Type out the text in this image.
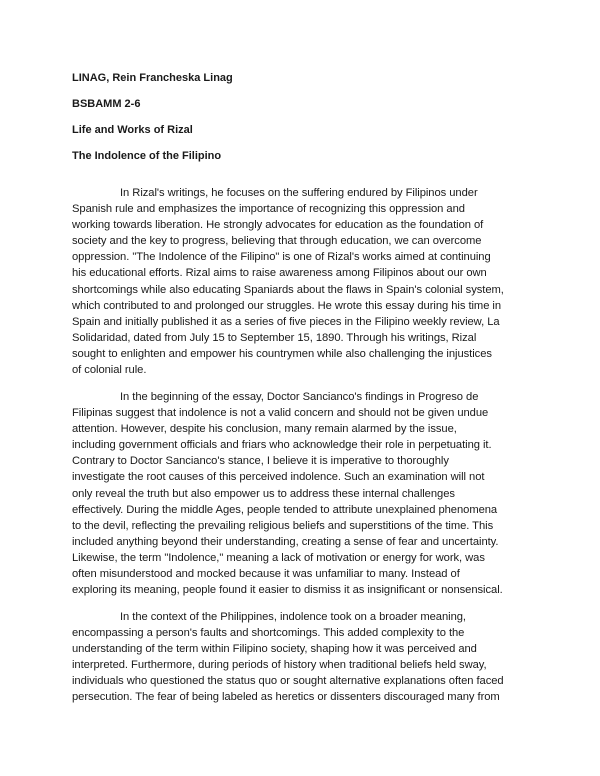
LINAG, Rein Francheska Linag
BSBAMM 2-6
Life and Works of Rizal
The Indolence of the Filipino
In Rizal's writings, he focuses on the suffering endured by Filipinos under
Spanish rule and emphasizes the importance of recognizing this oppression and
working towards liberation. He strongly advocates for education as the foundation of
society and the key to progress, believing that through education, we can overcome
oppression. "The Indolence of the Filipino" is one of Rizal's works aimed at continuing
his educational efforts. Rizal aims to raise awareness among Filipinos about our own
shortcomings while also educating Spaniards about the flaws in Spain's colonial system,
which contributed to and prolonged our struggles. He wrote this essay during his time in
Spain and initially published it as a series of five pieces in the Filipino weekly review, La
Solidaridad, dated from July 15 to September 15, 1890. Through his writings, Rizal
sought to enlighten and empower his countrymen while also challenging the injustices
of colonial rule.
In the beginning of the essay, Doctor Sancianco's findings in Progreso de
Filipinas suggest that indolence is not a valid concern and should not be given undue
attention. However, despite his conclusion, many remain alarmed by the issue,
including government officials and friars who acknowledge their role in perpetuating it.
Contrary to Doctor Sancianco's stance, I believe it is imperative to thoroughly
investigate the root causes of this perceived indolence. Such an examination will not
only reveal the truth but also empower us to address these internal challenges
effectively. During the middle Ages, people tended to attribute unexplained phenomena
to the devil, reflecting the prevailing religious beliefs and superstitions of the time. This
included anything beyond their understanding, creating a sense of fear and uncertainty.
Likewise, the term "Indolence," meaning a lack of motivation or energy for work, was
often misunderstood and mocked because it was unfamiliar to many. Instead of
exploring its meaning, people found it easier to dismiss it as insignificant or nonsensical.
In the context of the Philippines, indolence took on a broader meaning,
encompassing a person's faults and shortcomings. This added complexity to the
understanding of the term within Filipino society, shaping how it was perceived and
interpreted. Furthermore, during periods of history when traditional beliefs held sway,
individuals who questioned the status quo or sought alternative explanations often faced
persecution. The fear of being labeled as heretics or dissenters discouraged many from
